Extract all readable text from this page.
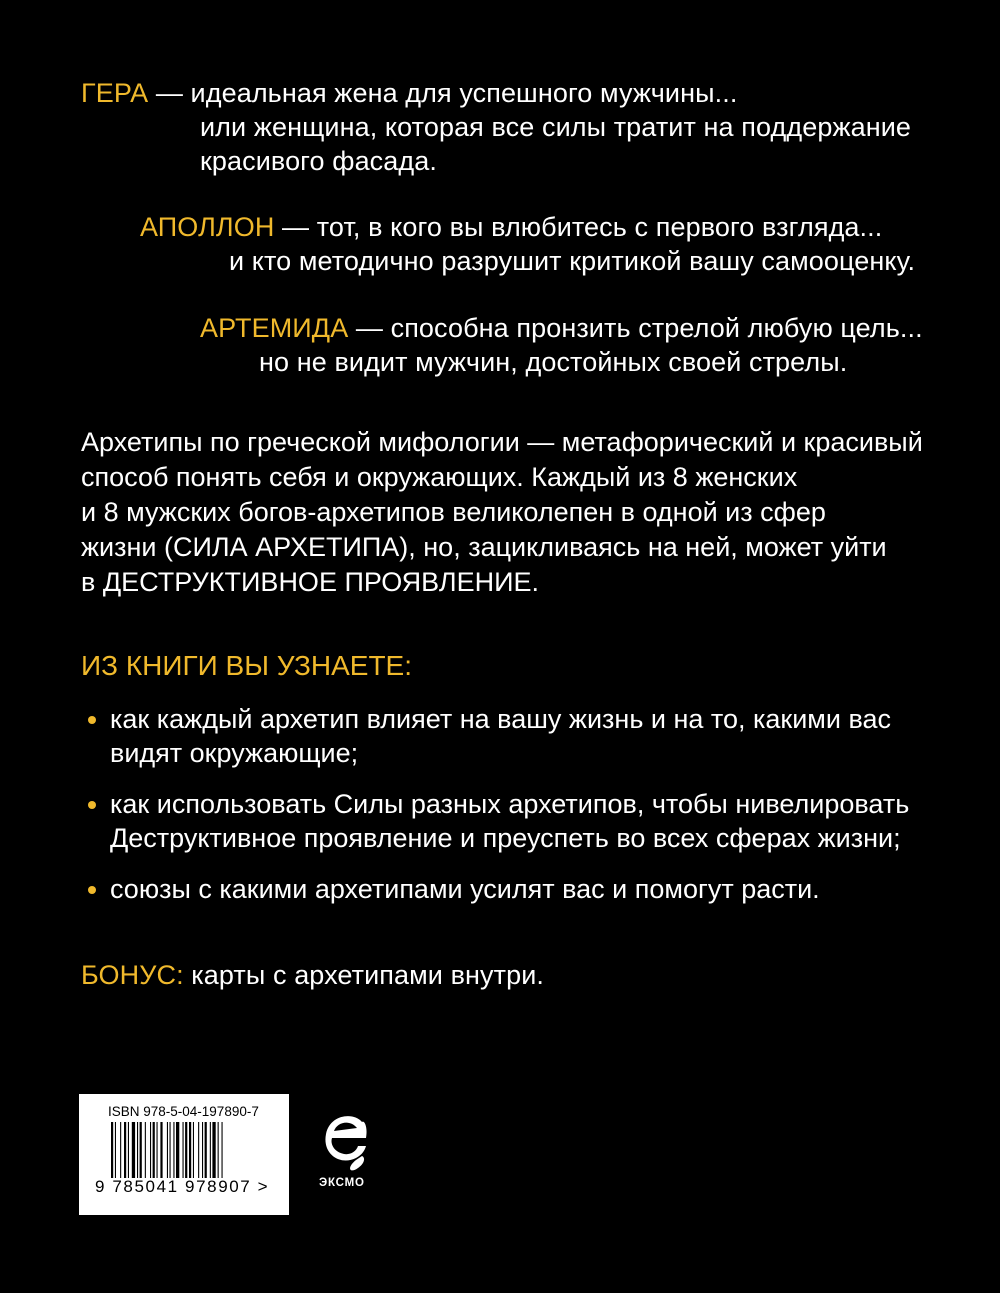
ГЕРА — идеальная жена для успешного мужчины...
или женщина, которая все силы тратит на поддержание
красивого фасада.
АПОЛЛОН — тот, в кого вы влюбитесь с первого взгляда...
и кто методично разрушит критикой вашу самооценку.
АРТЕМИДА — способна пронзить стрелой любую цель...
но не видит мужчин, достойных своей стрелы.
Архетипы по греческой мифологии — метафорический и красивый
способ понять себя и окружающих. Каждый из 8 женских
и 8 мужских богов-архетипов великолепен в одной из сфер
жизни (СИЛА АРХЕТИПА), но, зацикливаясь на ней, может уйти
в ДЕСТРУКТИВНОЕ ПРОЯВЛЕНИЕ.
ИЗ КНИГИ ВЫ УЗНАЕТЕ:
как каждый архетип влияет на вашу жизнь и на то, какими вас
видят окружающие;
как использовать Силы разных архетипов, чтобы нивелировать
Деструктивное проявление и преуспеть во всех сферах жизни;
союзы с какими архетипами усилят вас и помогут расти.
БОНУС: карты с архетипами внутри.
ISBN 978-5-04-197890-7
9 785041 978907 >	ЭКСМО
